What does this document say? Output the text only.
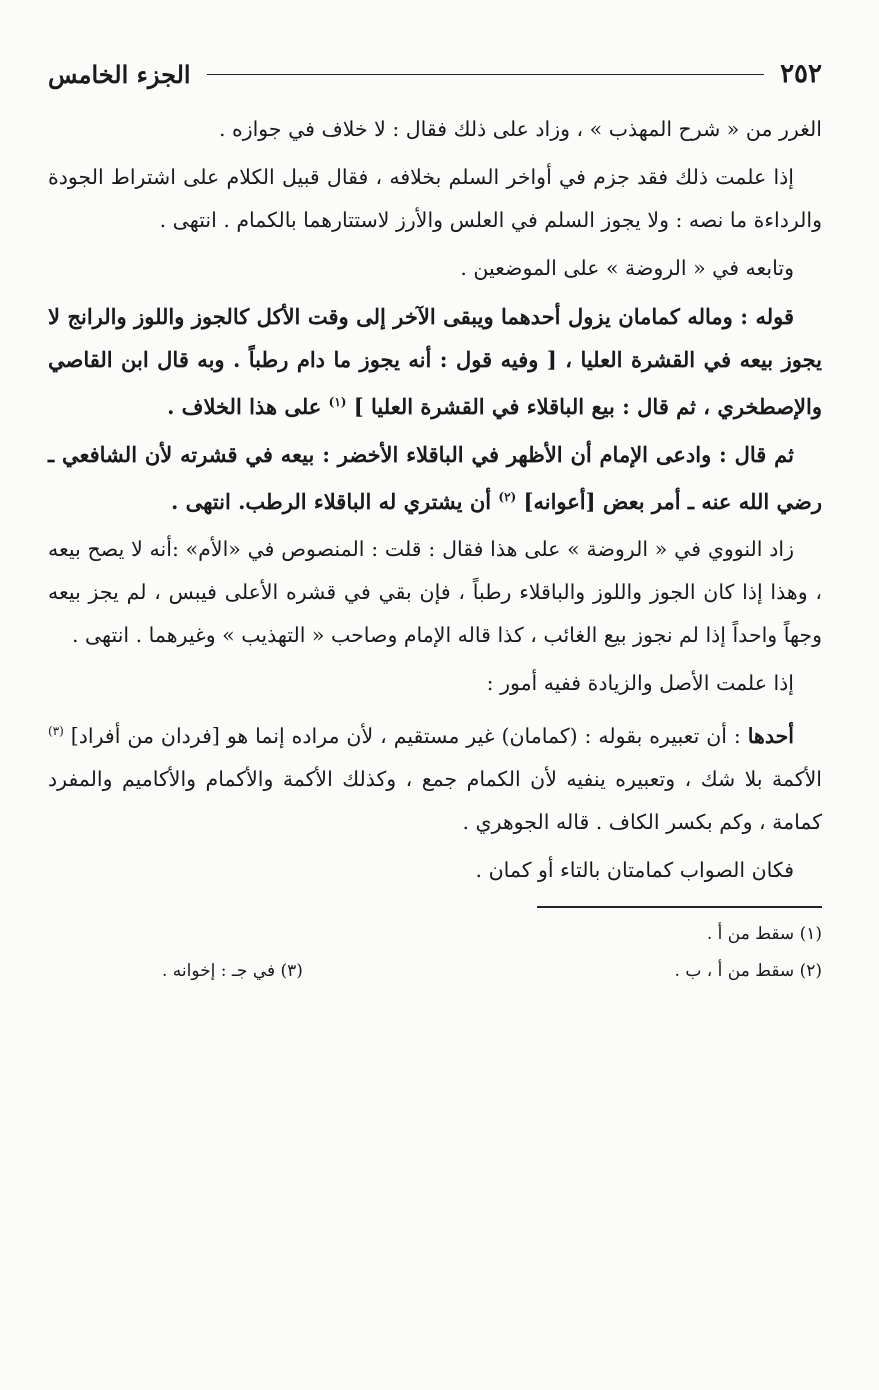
٢٥٢
الجزء الخامس

الغرر من « شرح المهذب » ، وزاد على ذلك فقال : لا خلاف في جوازه .

إذا علمت ذلك فقد جزم في أواخر السلم بخلافه ، فقال قبيل الكلام على اشتراط الجودة والرداءة ما نصه : ولا يجوز السلم في العلس والأرز لاستتارهما بالكمام . انتهى .

وتابعه في « الروضة » على الموضعين .

قوله : وماله كمامان يزول أحدهما ويبقى الآخر إلى وقت الأكل كالجوز واللوز والرانج لا يجوز بيعه في القشرة العليا ، [ وفيه قول : أنه يجوز ما دام رطباً . وبه قال ابن القاصي والإصطخري ، ثم قال : بيع الباقلاء في القشرة العليا ] $^{(١)}$ على هذا الخلاف .

ثم قال : وادعى الإمام أن الأظهر في الباقلاء الأخضر : بيعه في قشرته لأن الشافعي ـ رضي الله عنه ـ أمر بعض [أعوانه] $^{(٢)}$ أن يشتري له الباقلاء الرطب. انتهى .

زاد النووي في « الروضة » على هذا فقال : قلت : المنصوص في «الأم» :أنه لا يصح بيعه ، وهذا إذا كان الجوز واللوز والباقلاء رطباً ، فإن بقي في قشره الأعلى فيبس ، لم يجز بيعه وجهاً واحداً إذا لم نجوز بيع الغائب ، كذا قاله الإمام وصاحب « التهذيب » وغيرهما . انتهى .

إذا علمت الأصل والزيادة ففيه أمور :

أحدها : أن تعبيره بقوله : (كمامان) غير مستقيم ، لأن مراده إنما هو [فردان من أفراد] $^{(٣)}$ الأكمة بلا شك ، وتعبيره ينفيه لأن الكمام جمع ، وكذلك الأكمة والأكمام والأكاميم والمفرد كمامة ، وكم بكسر الكاف . قاله الجوهري .

فكان الصواب كمامتان بالتاء أو كمان .

(١) سقط من أ .
(٢) سقط من أ ، ب .
(٣) في جـ : إخوانه .
